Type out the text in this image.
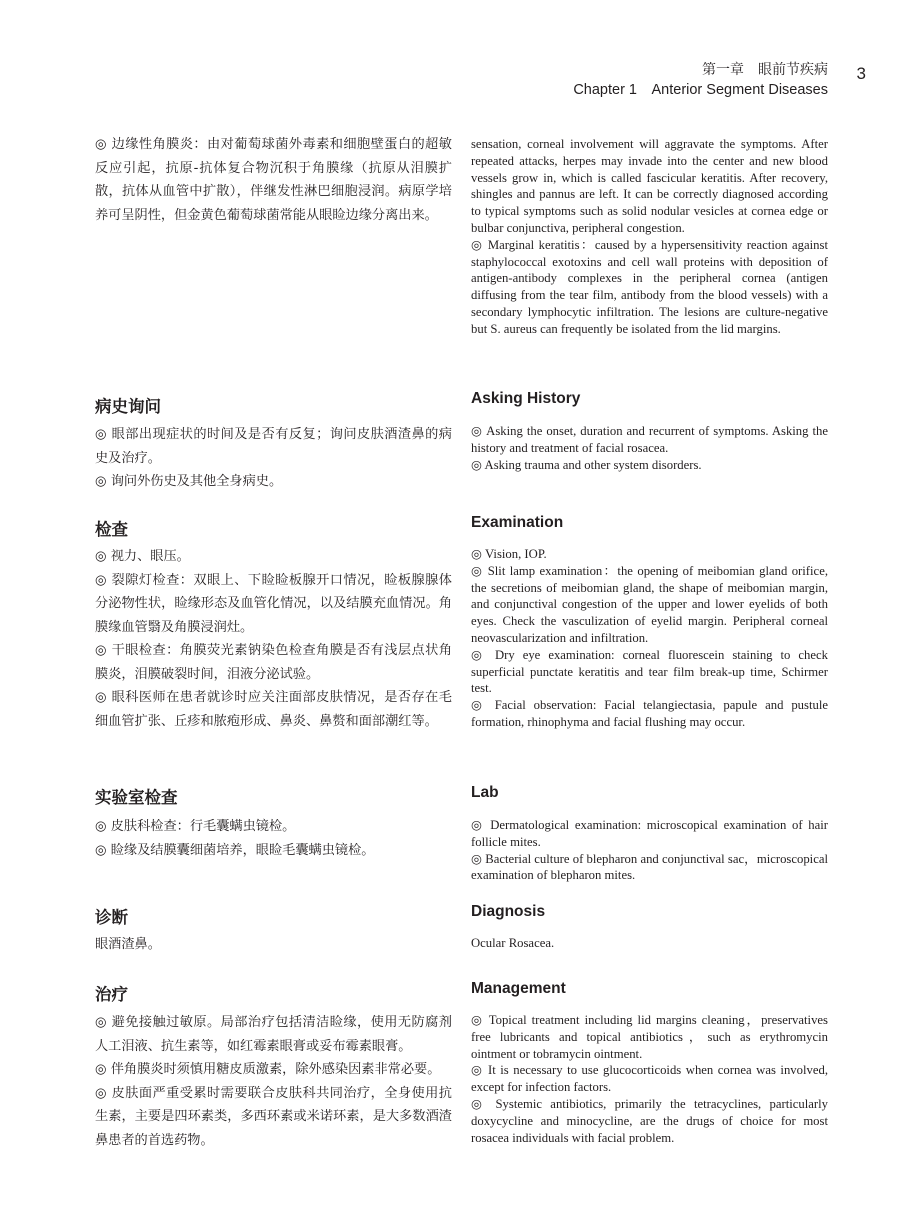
第一章　眼前节疾病
Chapter 1　Anterior Segment Diseases
3

◎ 边缘性角膜炎：由对葡萄球菌外毒素和细胞壁蛋白的超敏反应引起，抗原-抗体复合物沉积于角膜缘（抗原从泪膜扩散，抗体从血管中扩散），伴继发性淋巴细胞浸润。病原学培养可呈阴性，但金黄色葡萄球菌常能从眼睑边缘分离出来。

sensation, corneal involvement will aggravate the symptoms. After repeated attacks, herpes may invade into the center and new blood vessels grow in, which is called fascicular keratitis. After recovery, shingles and pannus are left. It can be correctly diagnosed according to typical symptoms such as solid nodular vesicles at cornea edge or bulbar conjunctiva, peripheral congestion.

◎ Marginal keratitis：caused by a hypersensitivity reaction against staphylococcal exotoxins and cell wall proteins with deposition of antigen-antibody complexes in the peripheral cornea (antigen diffusing from the tear film, antibody from the blood vessels) with a secondary lymphocytic infiltration. The lesions are culture-negative but S. aureus can frequently be isolated from the lid margins.

病史询问	Asking History

◎ 眼部出现症状的时间及是否有反复；询问皮肤酒渣鼻的病史及治疗。

◎ 询问外伤史及其他全身病史。

◎ Asking the onset, duration and recurrent of symptoms. Asking the history and treatment of facial rosacea.

◎ Asking trauma and other system disorders.

检查	Examination

◎ 视力、眼压。

◎ 裂隙灯检查：双眼上、下睑睑板腺开口情况，睑板腺腺体分泌物性状，睑缘形态及血管化情况，以及结膜充血情况。角膜缘血管翳及角膜浸润灶。

◎ 干眼检查：角膜荧光素钠染色检查角膜是否有浅层点状角膜炎，泪膜破裂时间，泪液分泌试验。

◎ 眼科医师在患者就诊时应关注面部皮肤情况，是否存在毛细血管扩张、丘疹和脓疱形成、鼻炎、鼻赘和面部潮红等。

◎ Vision, IOP.

◎ Slit lamp examination：the opening of meibomian gland orifice, the secretions of meibomian gland, the shape of meibomian margin, and conjunctival congestion of the upper and lower eyelids of both eyes. Check the vasculization of eyelid margin. Peripheral corneal neovascularization and infiltration.

◎ Dry eye examination: corneal fluorescein staining to check superficial punctate keratitis and tear film break-up time, Schirmer test.

◎ Facial observation: Facial telangiectasia, papule and pustule formation, rhinophyma and facial flushing may occur.

实验室检查	Lab

◎ 皮肤科检查：行毛囊螨虫镜检。

◎ 睑缘及结膜囊细菌培养，眼睑毛囊螨虫镜检。

◎ Dermatological examination: microscopical examination of hair follicle mites.

◎ Bacterial culture of blepharon and conjunctival sac，microscopical examination of blepharon mites.

诊断	Diagnosis

眼酒渣鼻。	Ocular Rosacea.

治疗	Management

◎ 避免接触过敏原。局部治疗包括清洁睑缘，使用无防腐剂人工泪液、抗生素等，如红霉素眼膏或妥布霉素眼膏。

◎ 伴角膜炎时须慎用糖皮质激素，除外感染因素非常必要。

◎ 皮肤面严重受累时需要联合皮肤科共同治疗，全身使用抗生素，主要是四环素类，多西环素或米诺环素，是大多数酒渣鼻患者的首选药物。

◎ Topical treatment including lid margins cleaning，preservatives free lubricants and topical antibiotics，such as erythromycin ointment or tobramycin ointment.

◎ It is necessary to use glucocorticoids when cornea was involved, except for infection factors.

◎ Systemic antibiotics, primarily the tetracyclines, particularly doxycycline and minocycline, are the drugs of choice for most rosacea individuals with facial problem.
